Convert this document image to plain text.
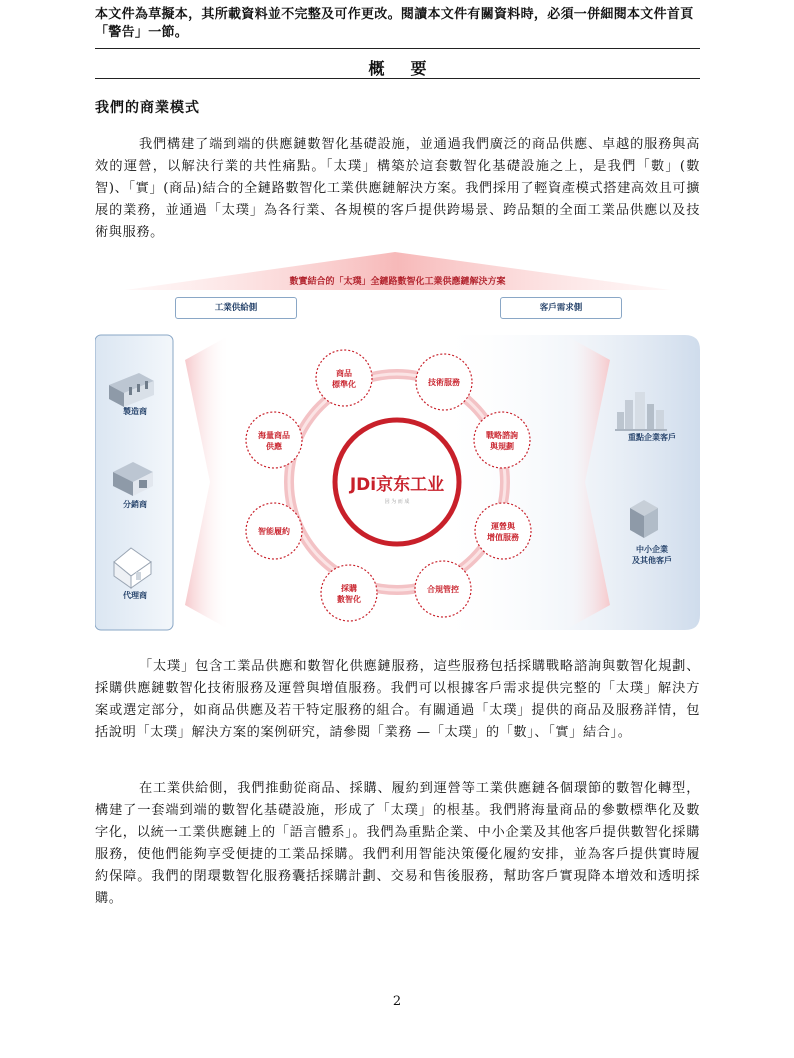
本文件為草擬本，其所載資料並不完整及可作更改。閱讀本文件有關資料時，必須一併細閱本文件首頁「警告」一節。
概要
我們的商業模式
我們構建了端到端的供應鏈數智化基礎設施，並通過我們廣泛的商品供應、卓越的服務與高效的運營，以解決行業的共性痛點。「太璞」構築於這套數智化基礎設施之上，是我們「數」(數智)、「實」(商品)結合的全鏈路數智化工業供應鏈解決方案。我們採用了輕資產模式搭建高效且可擴展的業務，並通過「太璞」為各行業、各規模的客戶提供跨場景、跨品類的全面工業品供應以及技術與服務。
商品
標準化	技術服務
戰略諮詢
與規劃
運營與
增值服務
合規管控
採購
數智化
智能履約
海量商品
供應
JDi京东工业
因 为 而 成
數實結合的「太璞」全鏈路數智化工業供應鏈解決方案
工業供給側	客戶需求側
製造商
分銷商
代理商
重點企業客戶
中小企業
及其他客戶
「太璞」包含工業品供應和數智化供應鏈服務，這些服務包括採購戰略諮詢與數智化規劃、採購供應鏈數智化技術服務及運營與增值服務。我們可以根據客戶需求提供完整的「太璞」解決方案或選定部分，如商品供應及若干特定服務的組合。有關通過「太璞」提供的商品及服務詳情，包括說明「太璞」解決方案的案例研究，請參閱「業務 —「太璞」的「數」、「實」結合」。
在工業供給側，我們推動從商品、採購、履約到運營等工業供應鏈各個環節的數智化轉型，構建了一套端到端的數智化基礎設施，形成了「太璞」的根基。我們將海量商品的參數標準化及數字化，以統一工業供應鏈上的「語言體系」。我們為重點企業、中小企業及其他客戶提供數智化採購服務，使他們能夠享受便捷的工業品採購。我們利用智能決策優化履約安排，並為客戶提供實時履約保障。我們的閉環數智化服務囊括採購計劃、交易和售後服務，幫助客戶實現降本增效和透明採購。
2
